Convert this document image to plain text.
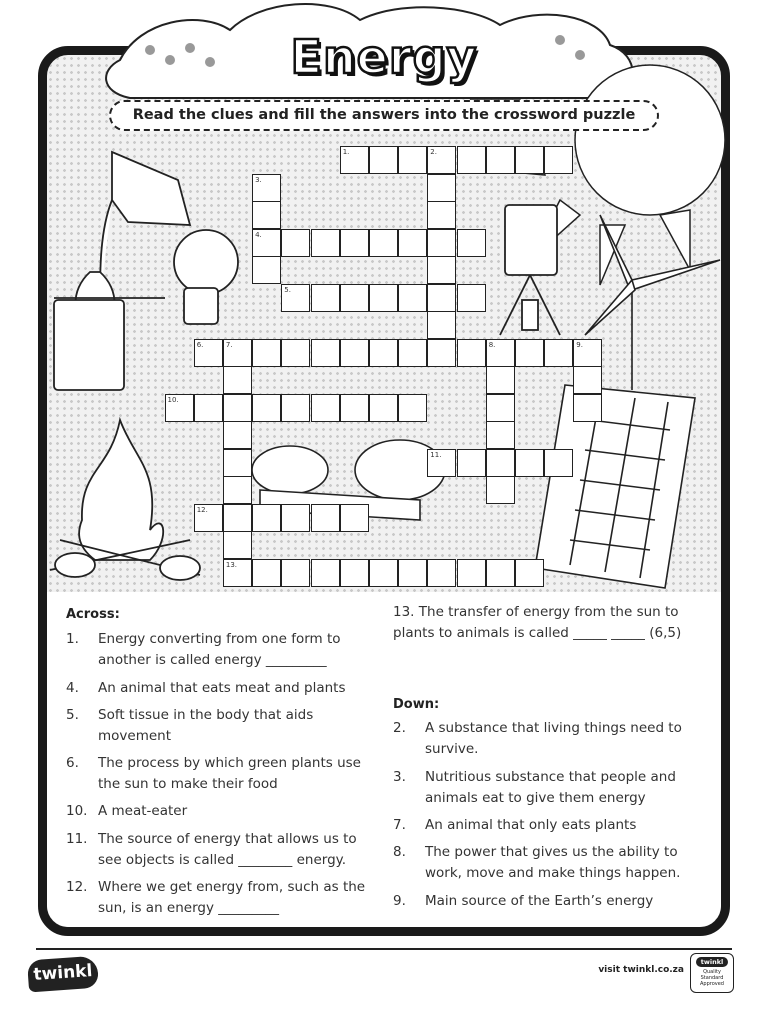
Energy
Read the clues and fill the answers into the crossword puzzle
1.	2.
3.
4.
5.
6.	7.	8.	9.
13.
10.
11.
12.
Across:
1. Energy converting from one form to another is called energy _________
4. An animal that eats meat and plants
5. Soft tissue in the body that aids movement
6. The process by which green plants use the sun to make their food
10. A meat-eater
11. The source of energy that allows us to see objects is called ________ energy.
12. Where we get energy from, such as the sun, is an energy _________
13. The transfer of energy from the sun to plants to animals is called _____ _____ (6,5)
Down:
2. A substance that living things need to survive.
3. Nutritious substance that people and animals eat to give them energy
7. An animal that only eats plants
8. The power that gives us the ability to work, move and make things happen.
9. Main source of the Earth’s energy
twinkl	visit twinkl.co.za
twinkl
Quality Standard Approved
